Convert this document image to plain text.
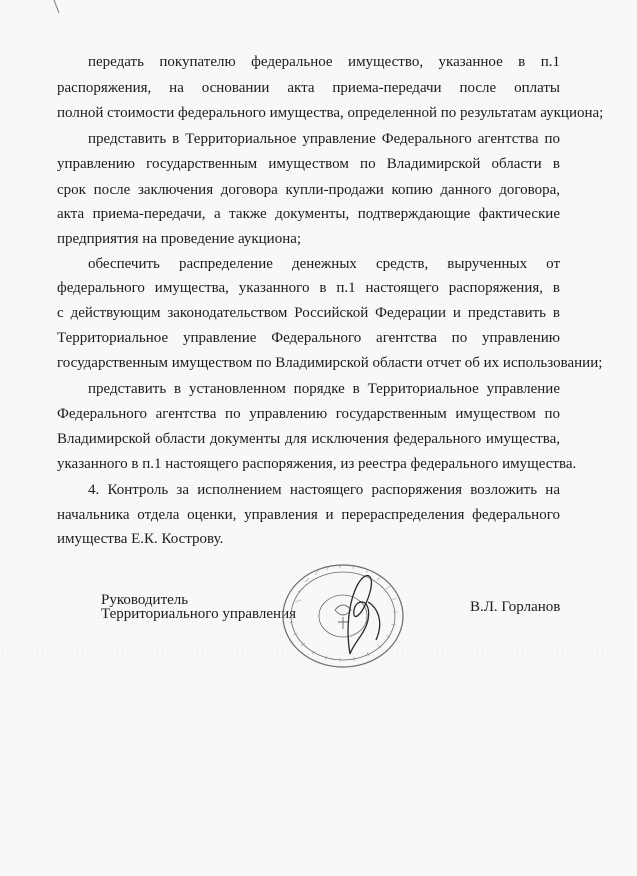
передать покупателю федеральное имущество, указанное в п.1
распоряжения, на основании акта приема-передачи после оплаты
полной стоимости федерального имущества, определенной по результатам аукциона;
представить в Территориальное управление Федерального агентства по
управлению государственным имуществом по Владимирской области в
срок после заключения договора купли-продажи копию данного договора,
акта приема-передачи, а также документы, подтверждающие фактические
предприятия на проведение аукциона;
обеспечить распределение денежных средств, вырученных от
федерального имущества, указанного в п.1 настоящего распоряжения, в
с действующим законодательством Российской Федерации и представить в
Территориальное управление Федерального агентства по управлению
государственным имуществом по Владимирской области отчет об их использовании;
представить в установленном порядке в Территориальное управление
Федерального агентства по управлению государственным имуществом по
Владимирской области документы для исключения федерального имущества,
указанного в п.1 настоящего распоряжения, из реестра федерального имущества.
4. Контроль за исполнением настоящего распоряжения возложить на
начальника отдела оценки, управления и перераспределения федерального
имущества Е.К. Кострову.
Руководитель
Территориального управления	В.Л. Горланов
